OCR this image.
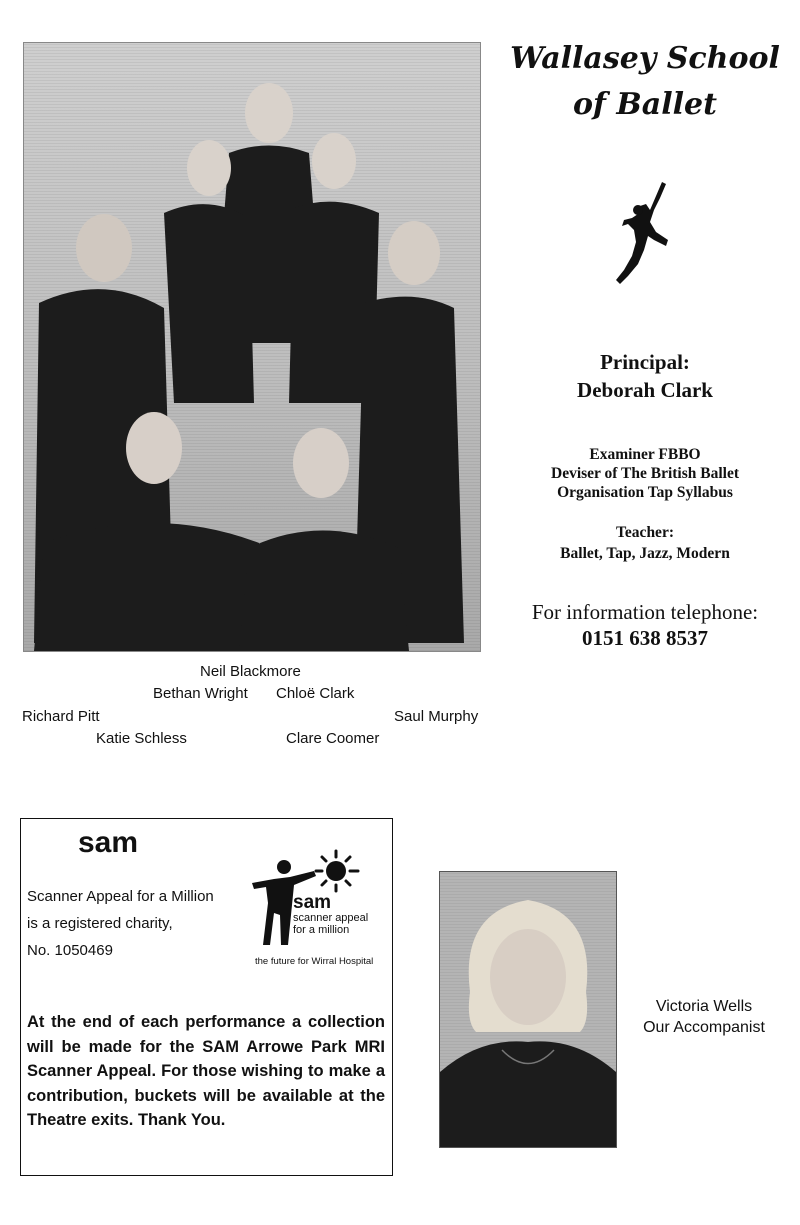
Wallasey School
of Ballet
Principal:
Deborah Clark
Examiner FBBO
Deviser of The British Ballet
Organisation Tap Syllabus
Teacher:
Ballet, Tap, Jazz, Modern
For information telephone:
0151 638 8537
Neil Blackmore
Bethan Wright Chloë Clark
Richard Pitt	Saul Murphy
Katie Schless	Clare Coomer
sam
Scanner Appeal for a Million
is a registered charity,
No. 1050469
sam
scanner appeal
for a million
the future for Wirral Hospital
At the end of each performance a collection will be made for the SAM Arrowe Park MRI Scanner Appeal. For those wishing to make a contribution, buckets will be available at the Theatre exits. Thank You.
Victoria Wells
Our Accompanist
